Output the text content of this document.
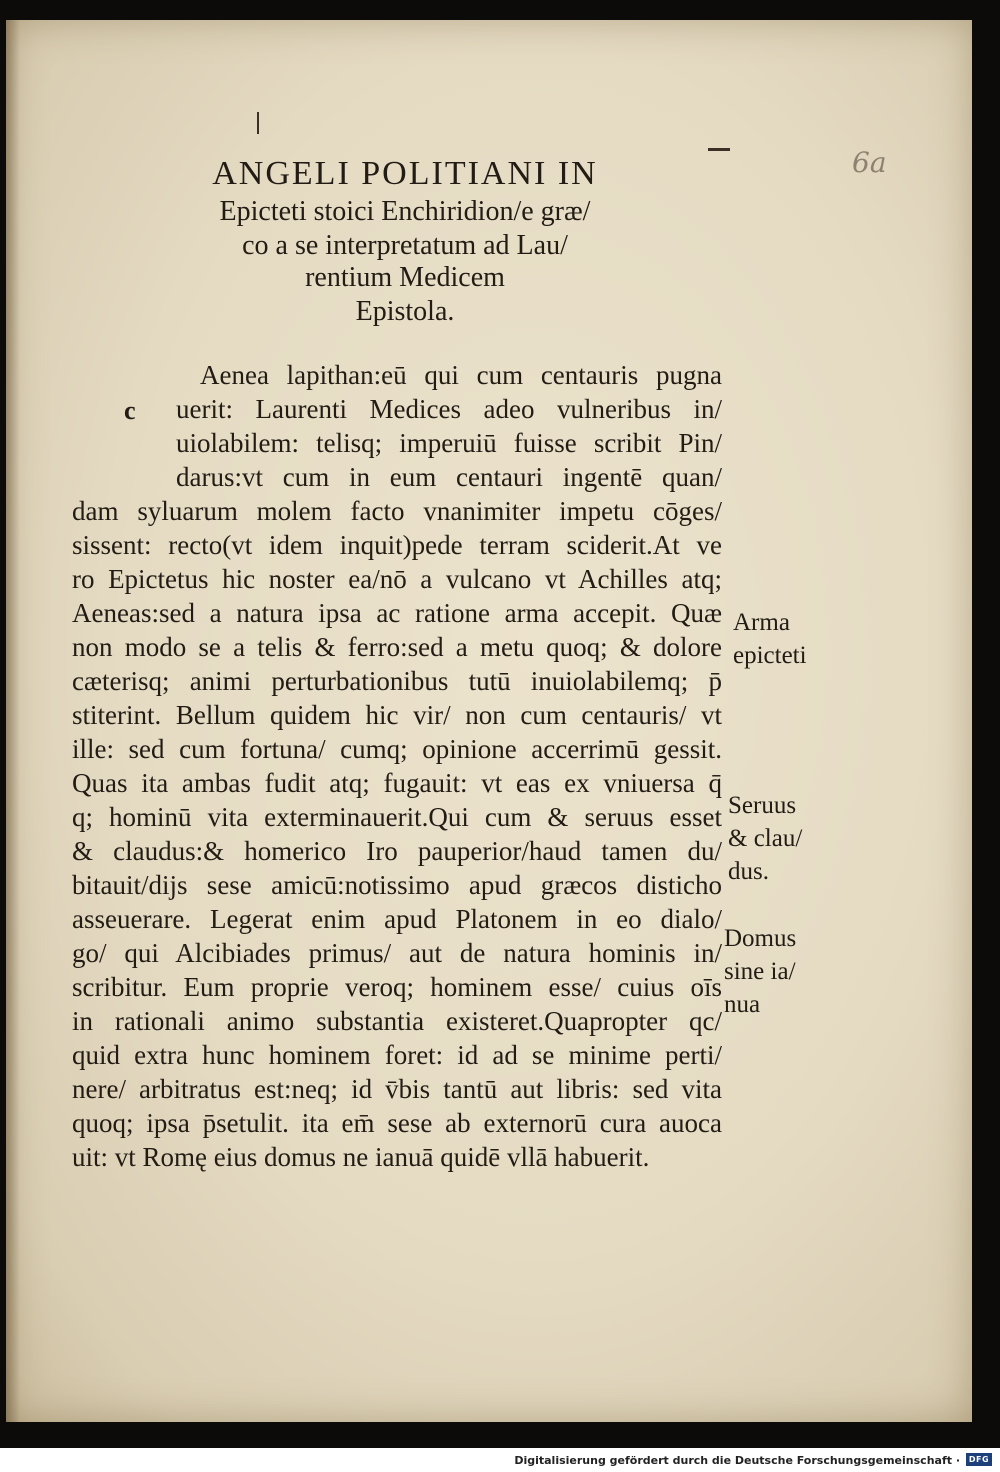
6a
ANGELI POLITIANI IN
Epicteti stoici Enchiridion/e græ/
co a se interpretatum ad Lau/
rentium Medicem
Epistola.
c
Aenea lapithan:eū qui cum centauris pugna
uerit: Laurenti Medices adeo vulneribus in/
uiolabilem: telisq; imperuiū fuisse scribit Pin/
darus:vt cum in eum centauri ingentē quan/
dam syluarum molem facto vnanimiter impetu cōges/
sissent: recto(vt idem inquit)pede terram sciderit.At ve
ro Epictetus hic noster ea/nō a vulcano vt Achilles atq;
Aeneas:sed a natura ipsa ac ratione arma accepit. Quæ
non modo se a telis & ferro:sed a metu quoq; & dolore
cæterisq; animi perturbationibus tutū inuiolabilemq; p̄
stiterint. Bellum quidem hic vir/ non cum centauris/ vt
ille: sed cum fortuna/ cumq; opinione accerrimū gessit.
Quas ita ambas fudit atq; fugauit: vt eas ex vniuersa q̄
q; hominū vita exterminauerit.Qui cum & seruus esset
& claudus:& homerico Iro pauperior/haud tamen du/
bitauit/dijs sese amicū:notissimo apud græcos disticho
asseuerare. Legerat enim apud Platonem in eo dialo/
go/ qui Alcibiades primus/ aut de natura hominis in/
scribitur. Eum proprie veroq; hominem esse/ cuius oīs
in rationali animo substantia existeret.Quapropter qc/
quid extra hunc hominem foret: id ad se minime perti/
nere/ arbitratus est:neq; id v̄bis tantū aut libris: sed vita
quoq; ipsa p̄setulit. ita em̄ sese ab externorū cura auoca
uit: vt Romę eius domus ne ianuā quidē vllā habuerit.
Arma
epicteti
Seruus
& clau/
dus.
Domus
sine ia/
nua
Digitalisierung gefördert durch die Deutsche Forschungsgemeinschaft ·	DFG
